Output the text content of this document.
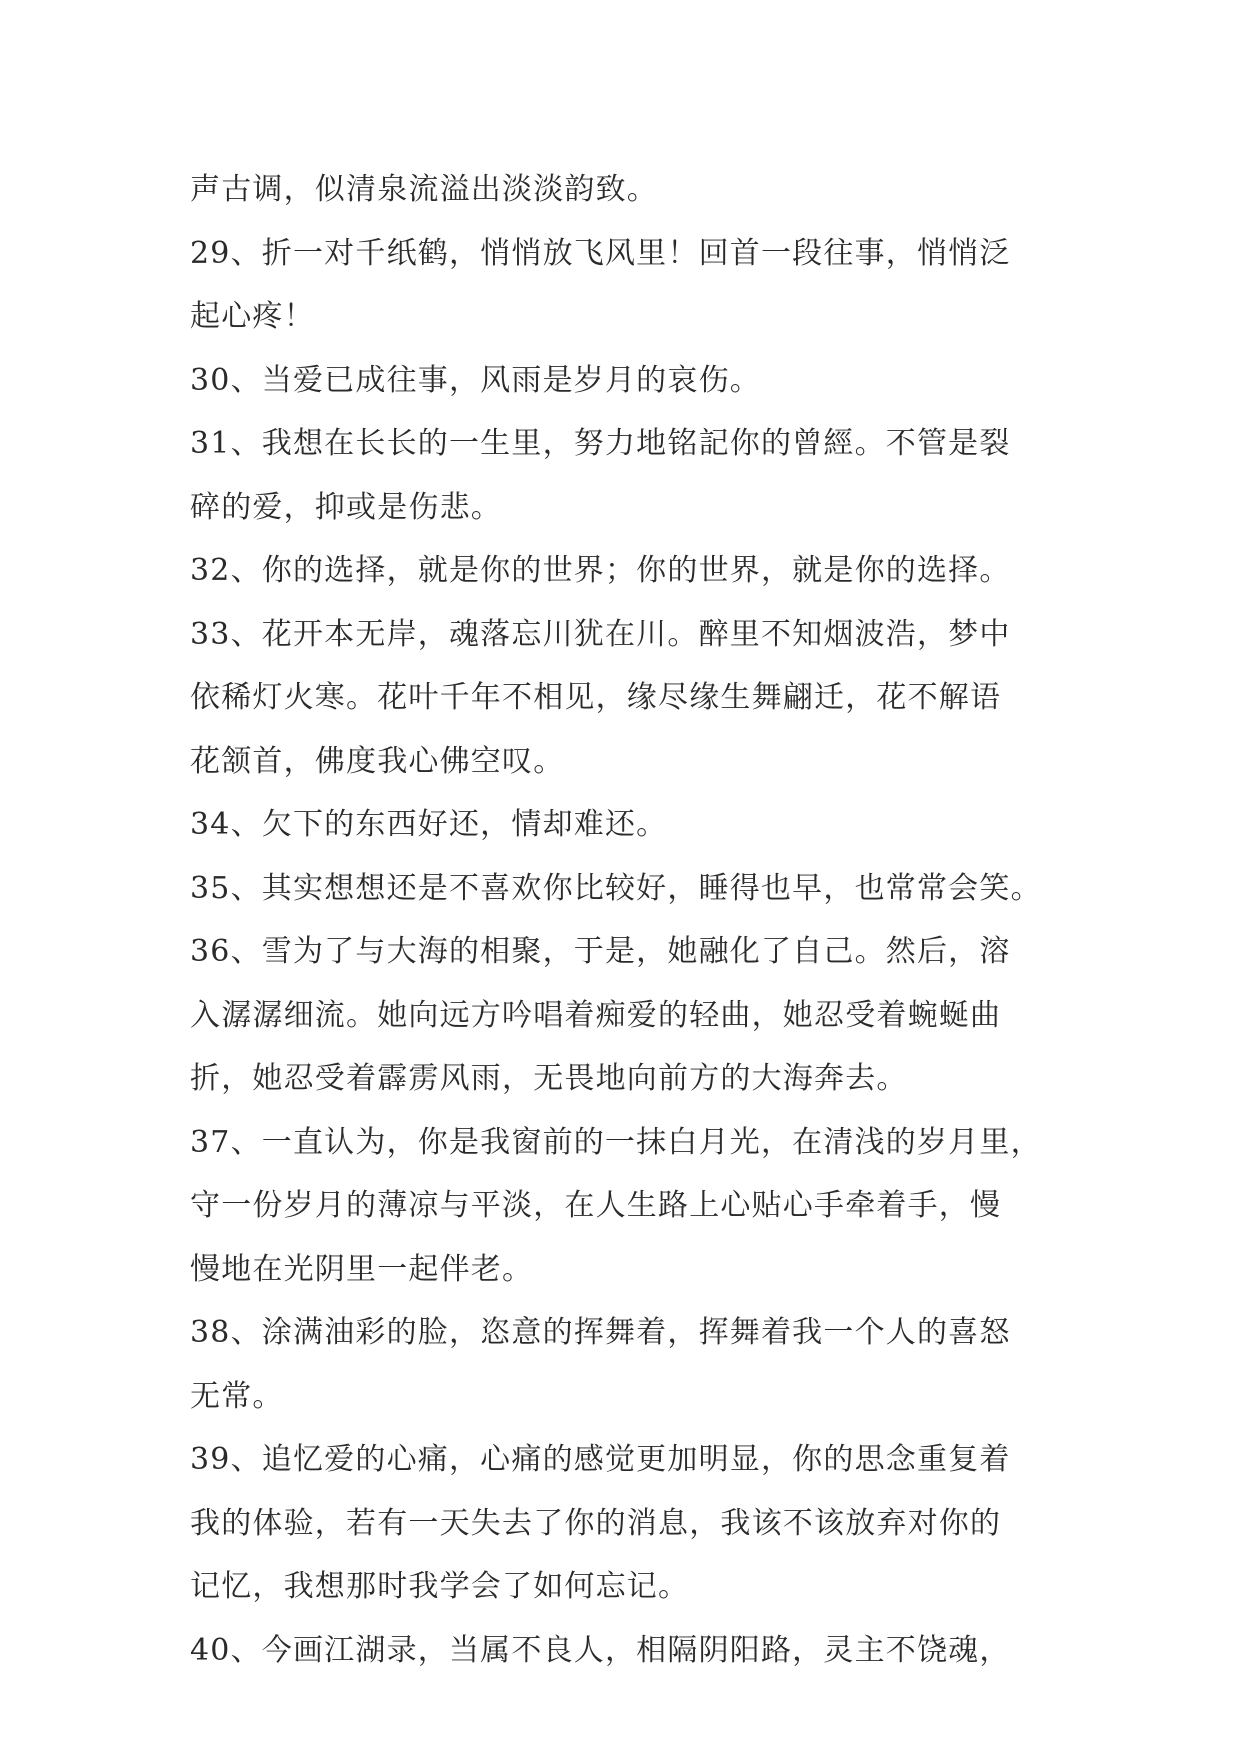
声古调，似清泉流溢出淡淡韵致。
29、折一对千纸鹤，悄悄放飞风里！回首一段往事，悄悄泛
起心疼！
30、当爱已成往事，风雨是岁月的哀伤。
31、我想在长长的一生里，努力地铭記你的曾經。不管是裂
碎的爱，抑或是伤悲。
32、你的选择，就是你的世界；你的世界，就是你的选择。
33、花开本无岸，魂落忘川犹在川。醉里不知烟波浩，梦中
依稀灯火寒。花叶千年不相见，缘尽缘生舞翩迁，花不解语
花颔首，佛度我心佛空叹。
34、欠下的东西好还，情却难还。
35、其实想想还是不喜欢你比较好，睡得也早，也常常会笑。
36、雪为了与大海的相聚，于是，她融化了自己。然后，溶
入潺潺细流。她向远方吟唱着痴爱的轻曲，她忍受着蜿蜒曲
折，她忍受着霹雳风雨，无畏地向前方的大海奔去。
37、一直认为，你是我窗前的一抹白月光，在清浅的岁月里，
守一份岁月的薄凉与平淡，在人生路上心贴心手牵着手，慢
慢地在光阴里一起伴老。
38、涂满油彩的脸，恣意的挥舞着，挥舞着我一个人的喜怒
无常。
39、追忆爱的心痛，心痛的感觉更加明显，你的思念重复着
我的体验，若有一天失去了你的消息，我该不该放弃对你的
记忆，我想那时我学会了如何忘记。
40、今画江湖录，当属不良人，相隔阴阳路，灵主不饶魂，
